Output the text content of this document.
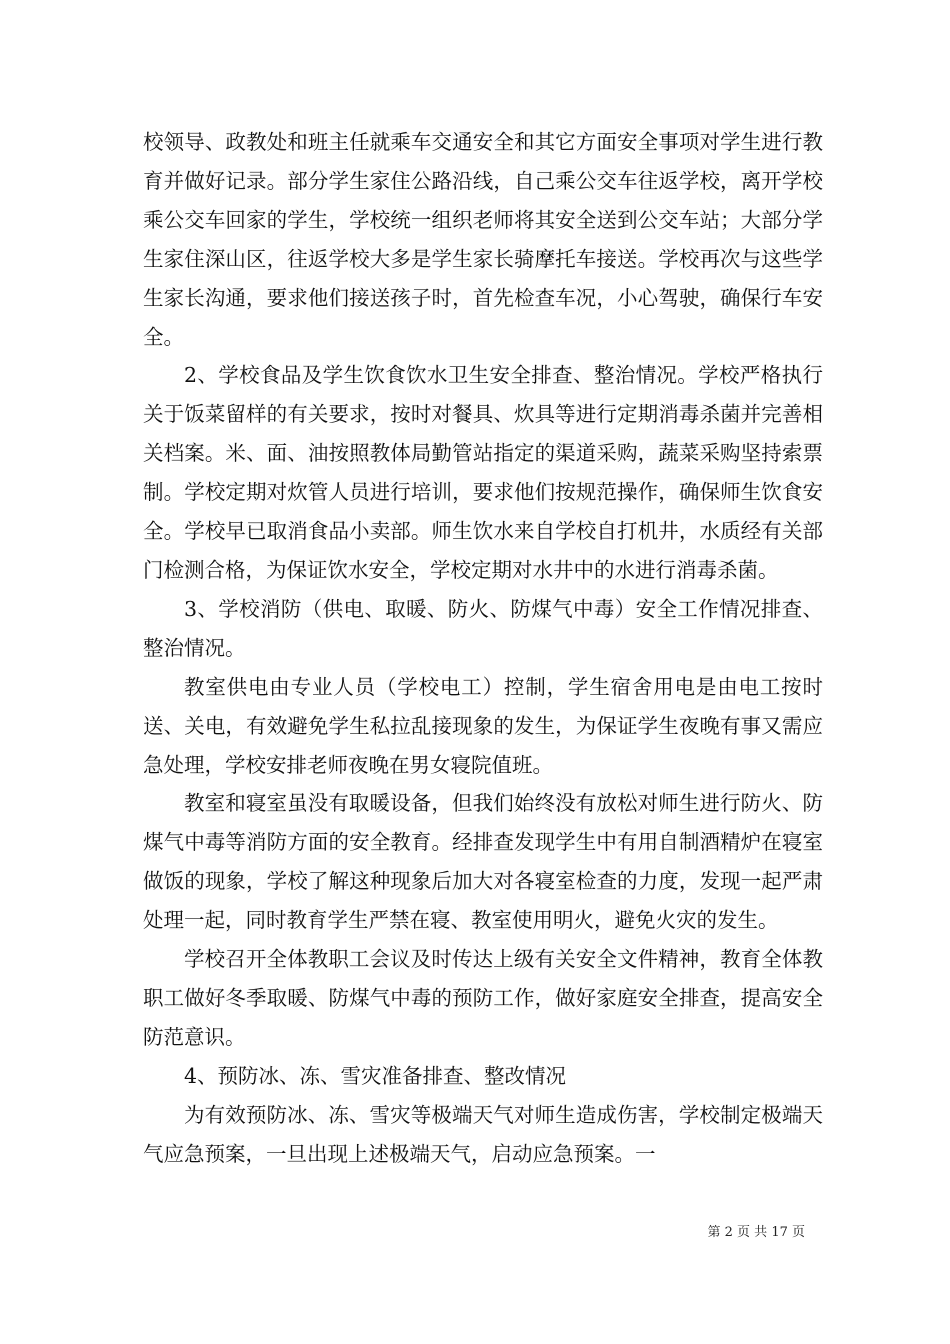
校领导、政教处和班主任就乘车交通安全和其它方面安全事项对学生进行教育并做好记录。部分学生家住公路沿线，自己乘公交车往返学校，离开学校乘公交车回家的学生，学校统一组织老师将其安全送到公交车站；大部分学生家住深山区，往返学校大多是学生家长骑摩托车接送。学校再次与这些学生家长沟通，要求他们接送孩子时，首先检查车况，小心驾驶，确保行车安全。

2、学校食品及学生饮食饮水卫生安全排查、整治情况。学校严格执行关于饭菜留样的有关要求，按时对餐具、炊具等进行定期消毒杀菌并完善相关档案。米、面、油按照教体局勤管站指定的渠道采购，蔬菜采购坚持索票制。学校定期对炊管人员进行培训，要求他们按规范操作，确保师生饮食安全。学校早已取消食品小卖部。师生饮水来自学校自打机井，水质经有关部门检测合格，为保证饮水安全，学校定期对水井中的水进行消毒杀菌。

3、学校消防（供电、取暖、防火、防煤气中毒）安全工作情况排查、整治情况。

教室供电由专业人员（学校电工）控制，学生宿舍用电是由电工按时送、关电，有效避免学生私拉乱接现象的发生，为保证学生夜晚有事又需应急处理，学校安排老师夜晚在男女寝院值班。

教室和寝室虽没有取暖设备，但我们始终没有放松对师生进行防火、防煤气中毒等消防方面的安全教育。经排查发现学生中有用自制酒精炉在寝室做饭的现象，学校了解这种现象后加大对各寝室检查的力度，发现一起严肃处理一起，同时教育学生严禁在寝、教室使用明火，避免火灾的发生。

学校召开全体教职工会议及时传达上级有关安全文件精神，教育全体教职工做好冬季取暖、防煤气中毒的预防工作，做好家庭安全排查，提高安全防范意识。

4、预防冰、冻、雪灾准备排查、整改情况

为有效预防冰、冻、雪灾等极端天气对师生造成伤害，学校制定极端天气应急预案，一旦出现上述极端天气，启动应急预案。一

第 2 页 共 17 页
